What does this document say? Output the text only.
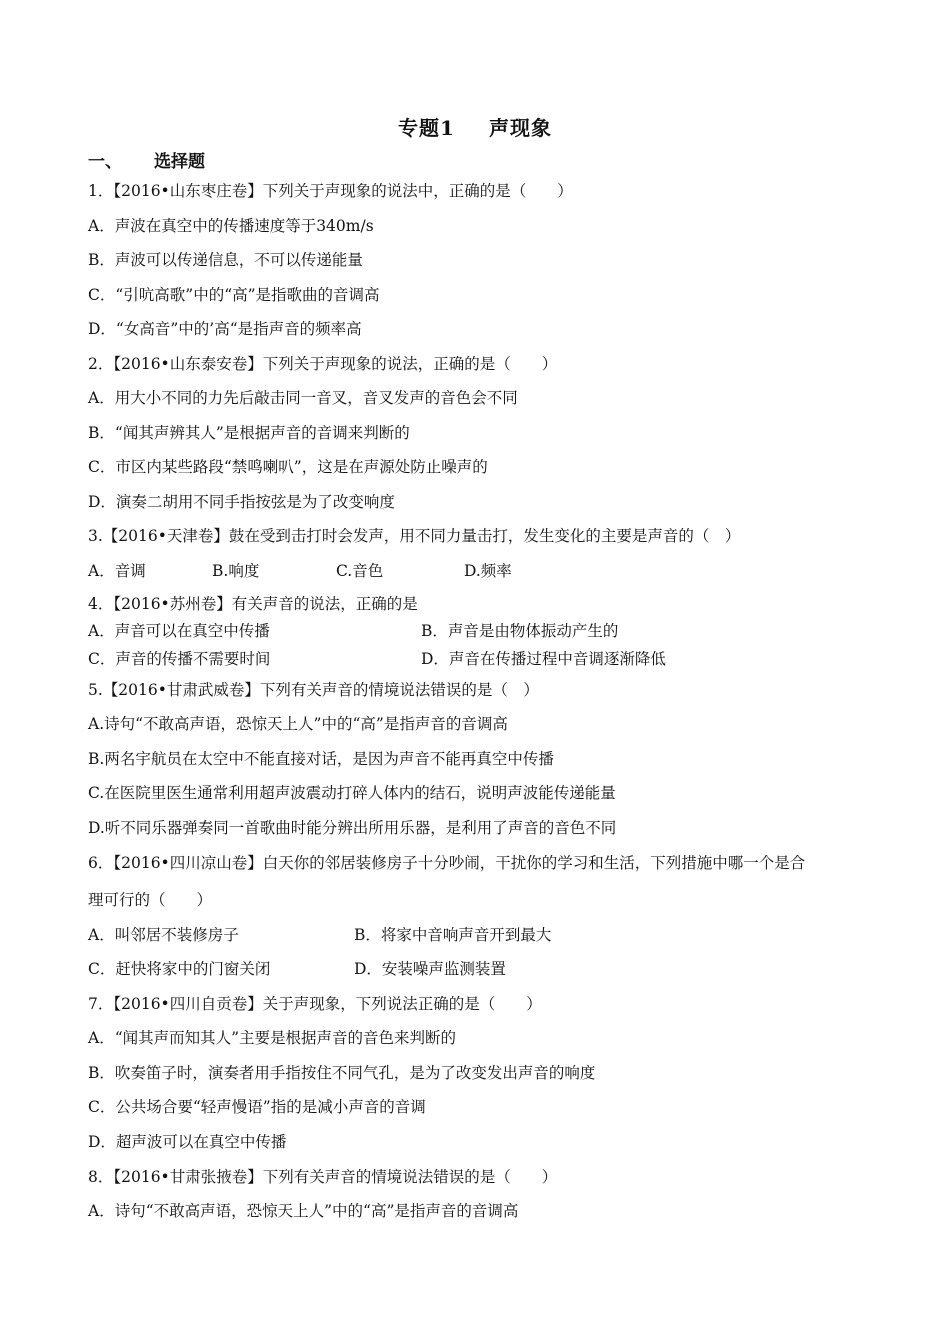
专题1 声现象
一、 选择题
1．【2016•山东枣庄卷】下列关于声现象的说法中，正确的是（　　）
A．声波在真空中的传播速度等于340m/s
B．声波可以传递信息，不可以传递能量
C．“引吭高歌”中的“高”是指歌曲的音调高
D．“女高音”中的’高“是指声音的频率高
2．【2016•山东泰安卷】下列关于声现象的说法，正确的是（　　）
A．用大小不同的力先后敲击同一音叉，音叉发声的音色会不同
B．“闻其声辨其人”是根据声音的音调来判断的
C．市区内某些路段“禁鸣喇叭”，这是在声源处防止噪声的
D．演奏二胡用不同手指按弦是为了改变响度
3.【2016•天津卷】鼓在受到击打时会发声，用不同力量击打，发生变化的主要是声音的（　）
A．音调	B.响度	C.音色	D.频率
4．【2016•苏州卷】有关声音的说法，正确的是
A．声音可以在真空中传播	B．声音是由物体振动产生的
C．声音的传播不需要时间	D．声音在传播过程中音调逐渐降低
5.【2016•甘肃武威卷】下列有关声音的情境说法错误的是（　）
A.诗句“不敢高声语，恐惊天上人”中的“高”是指声音的音调高
B.两名宇航员在太空中不能直接对话，是因为声音不能再真空中传播
C.在医院里医生通常利用超声波震动打碎人体内的结石，说明声波能传递能量
D.听不同乐器弹奏同一首歌曲时能分辨出所用乐器，是利用了声音的音色不同
6．【2016•四川凉山卷】白天你的邻居装修房子十分吵闹，干扰你的学习和生活，下列措施中哪一个是合
理可行的（　　）
A．叫邻居不装修房子	B．将家中音响声音开到最大
C．赶快将家中的门窗关闭	D．安装噪声监测装置
7．【2016•四川自贡卷】关于声现象，下列说法正确的是（　　）
A．“闻其声而知其人”主要是根据声音的音色来判断的
B．吹奏笛子时，演奏者用手指按住不同气孔，是为了改变发出声音的响度
C．公共场合要“轻声慢语”指的是减小声音的音调
D．超声波可以在真空中传播
8．【2016•甘肃张掖卷】下列有关声音的情境说法错误的是（　　）
A．诗句“不敢高声语，恐惊天上人”中的“高”是指声音的音调高
